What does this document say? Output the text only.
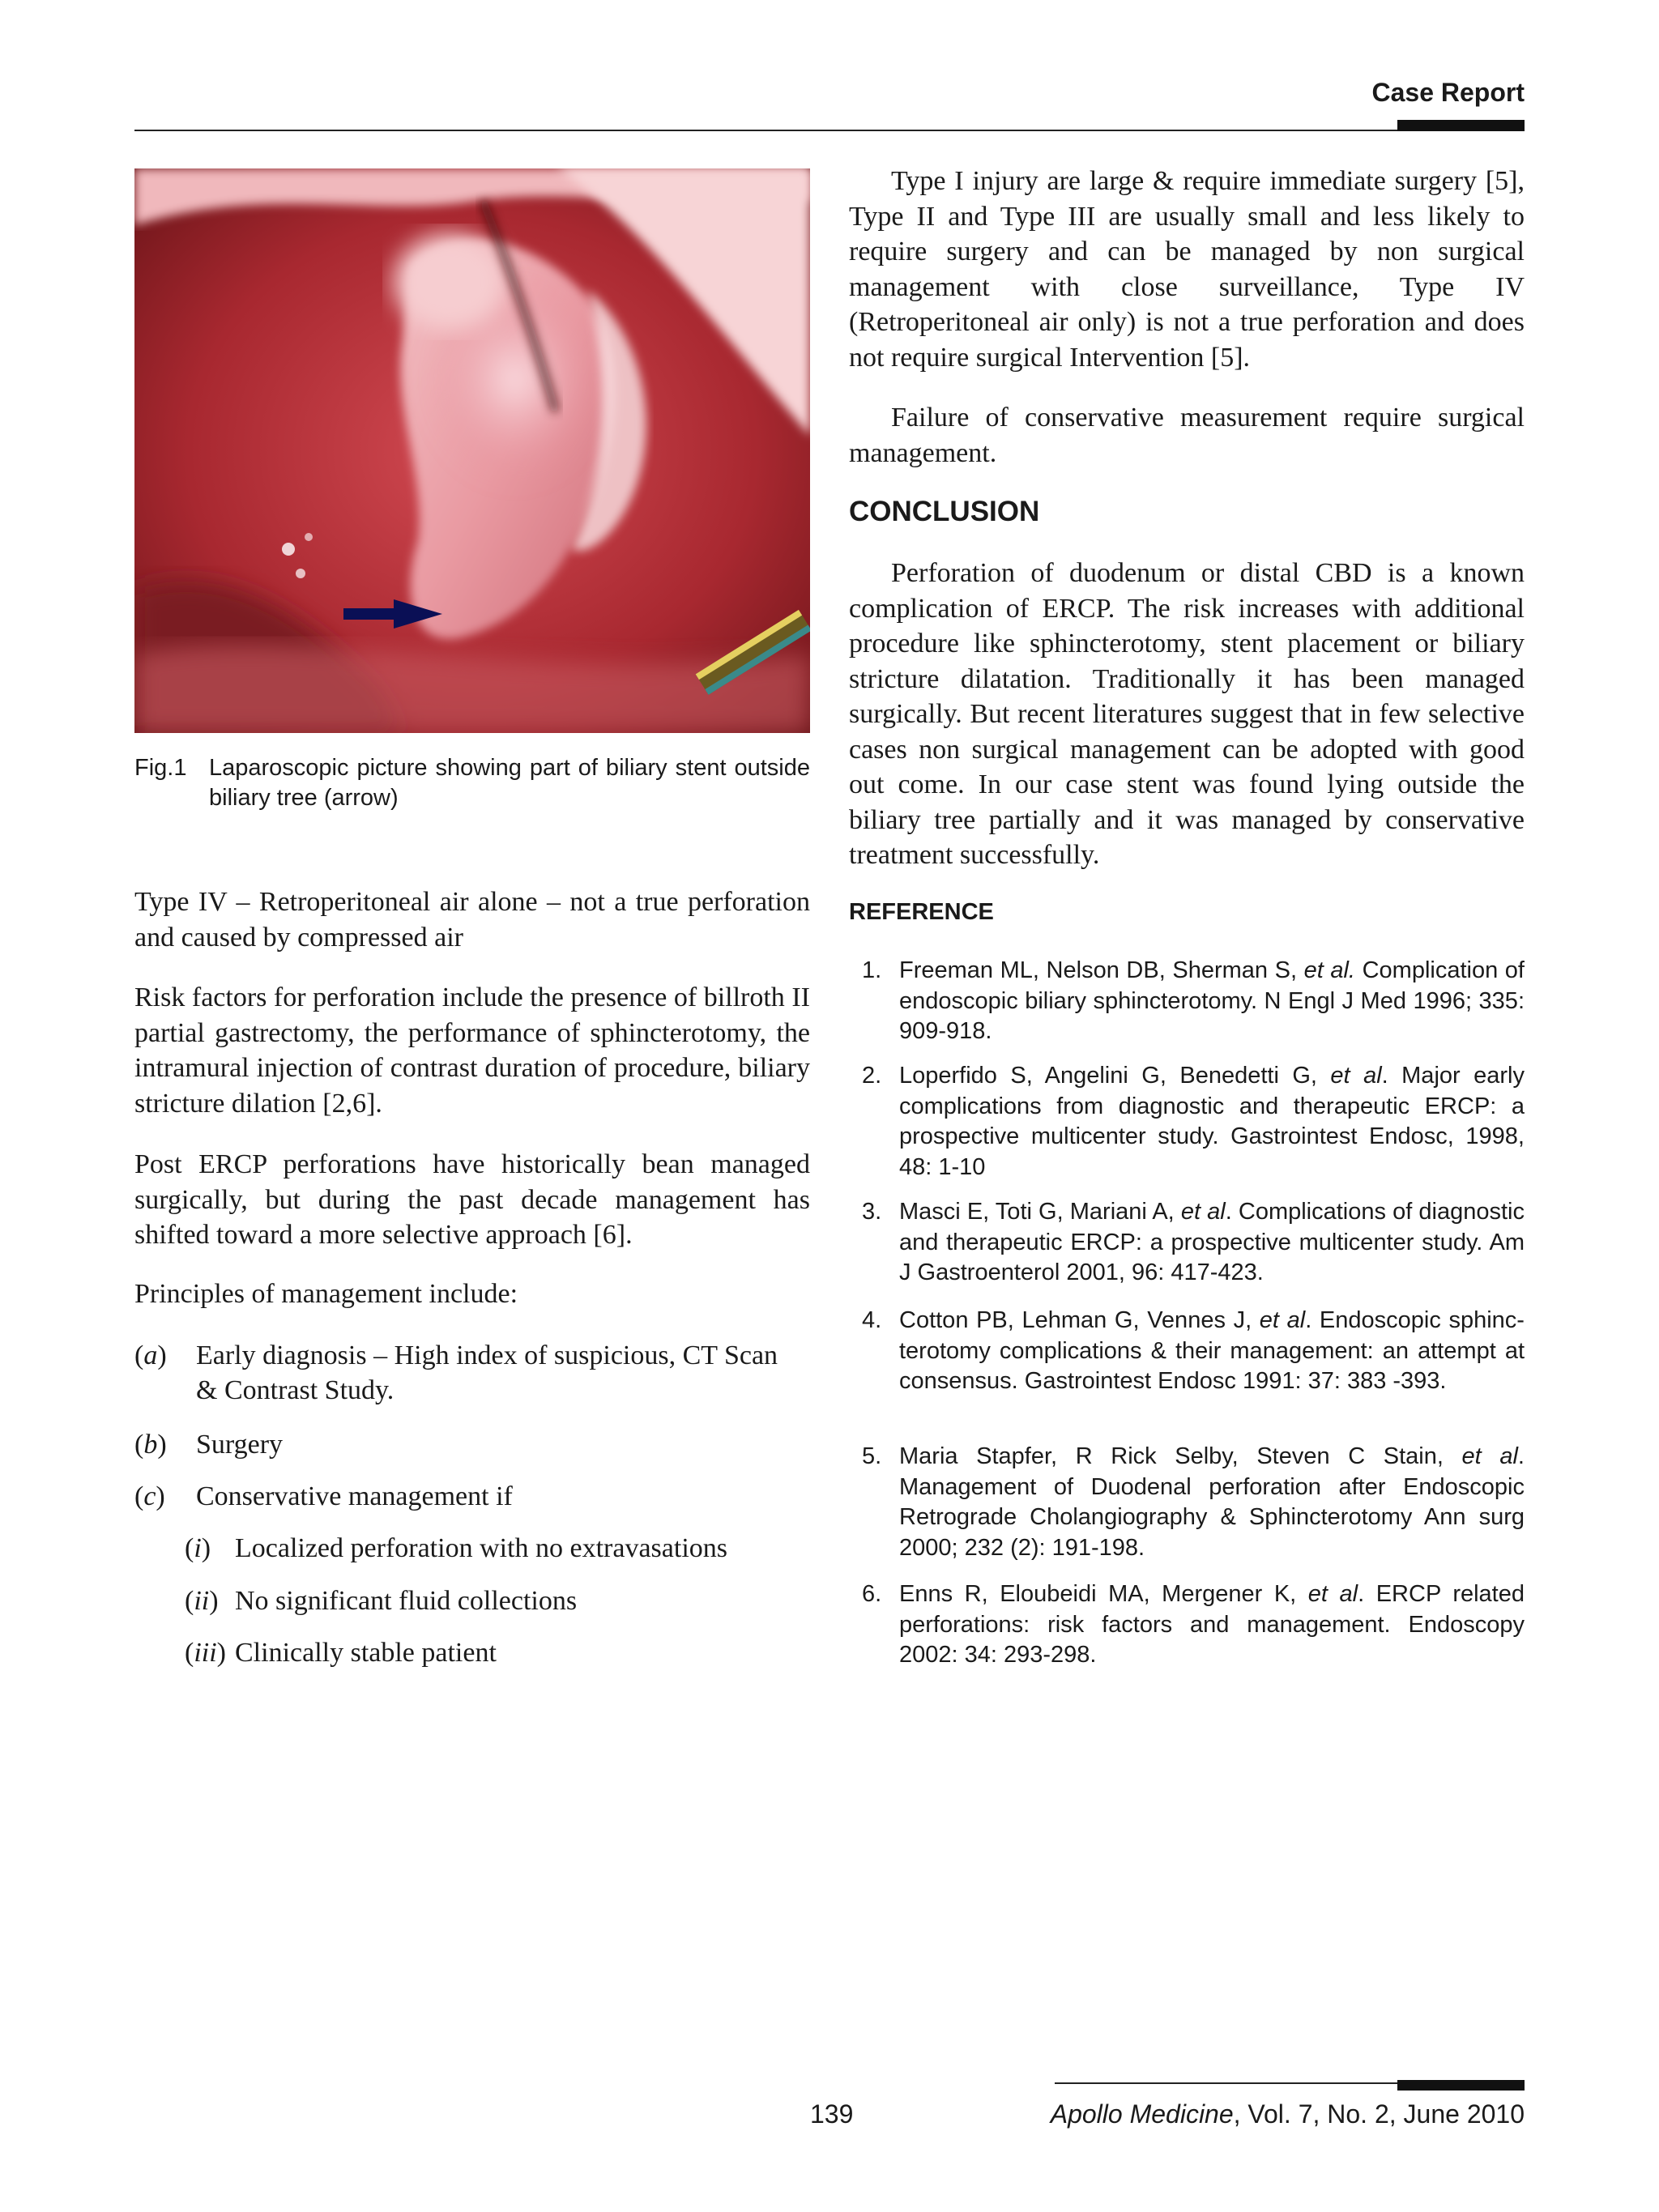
Case Report
Fig.1 Laparoscopic picture showing part of biliary stent outside biliary tree (arrow)

Type IV – Retroperitoneal air alone – not a true perforation and caused by compressed air

Risk factors for perforation include the presence of billroth II partial gastrectomy, the performance of sphincterotomy, the intramural injection of contrast duration of procedure, biliary stricture dilation [2,6].

Post ERCP perforations have historically bean managed surgically, but during the past decade management has shifted toward a more selective approach [6].

Principles of management include:

(a) Early diagnosis – High index of suspicious, CT Scan
& Contrast Study.
(b) Surgery
(c) Conservative management if
(i) Localized perforation with no extravasations
(ii) No significant fluid collections
(iii) Clinically stable patient

Type I injury are large & require immediate surgery [5], Type II and Type III are usually small and less likely to require surgery and can be managed by non surgical management with close surveillance, Type IV (Retroperitoneal air only) is not a true perforation and does not require surgical Intervention [5].

Failure of conservative measurement require surgical management.

CONCLUSION

Perforation of duodenum or distal CBD is a known complication of ERCP. The risk increases with additional procedure like sphincterotomy, stent placement or biliary stricture dilatation. Traditionally it has been managed surgically. But recent literatures suggest that in few selective cases non surgical management can be adopted with good out come. In our case stent was found lying outside the biliary tree partially and it was managed by conservative treatment successfully.

REFERENCE
1. Freeman ML, Nelson DB, Sherman S, et al. Complication of endoscopic biliary sphincterotomy. N Engl J Med 1996; 335: 909-918.
2. Loperfido S, Angelini G, Benedetti G, et al. Major early complications from diagnostic and therapeutic ERCP: a prospective multicenter study. Gastrointest Endosc, 1998, 48: 1-10
3. Masci E, Toti G, Mariani A, et al. Complications of diagnostic and therapeutic ERCP: a prospective multicenter study. Am J Gastroenterol 2001, 96: 417-423.
4. Cotton PB, Lehman G, Vennes J, et al. Endoscopic sphinc-terotomy complications & their management: an attempt at consensus. Gastrointest Endosc 1991: 37: 383 -393.
5. Maria Stapfer, R Rick Selby, Steven C Stain, et al. Management of Duodenal perforation after Endoscopic Retrograde Cholangiography & Sphincterotomy Ann surg 2000; 232 (2): 191-198.
6. Enns R, Eloubeidi MA, Mergener K, et al. ERCP related perforations: risk factors and management. Endoscopy 2002: 34: 293-298.
139	Apollo Medicine, Vol. 7, No. 2, June 2010
